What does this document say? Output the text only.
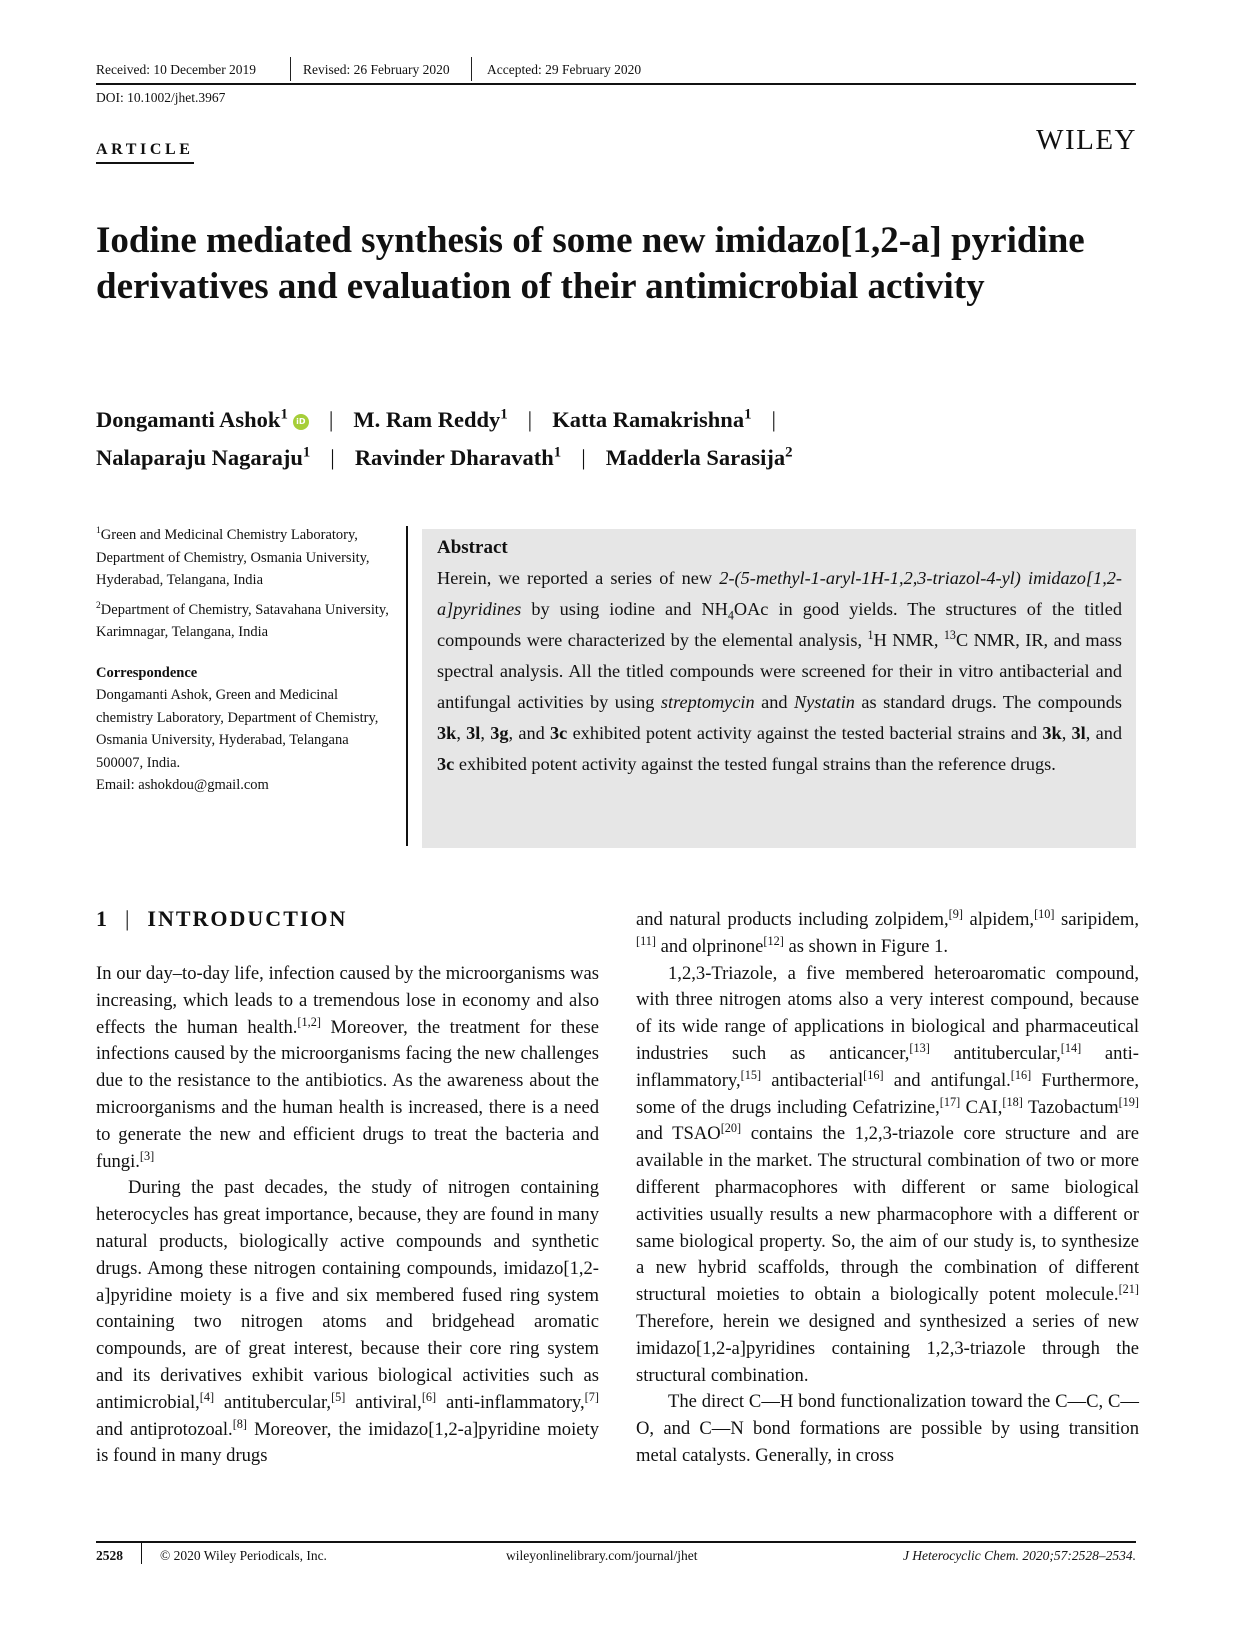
Received: 10 December 2019	Revised: 26 February 2020	Accepted: 29 February 2020
DOI: 10.1002/jhet.3967
ARTICLE	WILEY
Iodine mediated synthesis of some new imidazo[1,2-a] pyridine derivatives and evaluation of their antimicrobial activity
Dongamanti Ashok$^1$ iD | M. Ram Reddy$^1$ | Katta Ramakrishna$^1$ |
Nalaparaju Nagaraju$^1$ | Ravinder Dharavath$^1$ | Madderla Sarasija$^2$

$^1$Green and Medicinal Chemistry Laboratory, Department of Chemistry, Osmania University, Hyderabad, Telangana, India

$^2$Department of Chemistry, Satavahana University, Karimnagar, Telangana, India

Correspondence

Dongamanti Ashok, Green and Medicinal chemistry Laboratory, Department of Chemistry, Osmania University, Hyderabad, Telangana 500007, India.

Email: ashokdou@gmail.com

Abstract

Herein, we reported a series of new 2-(5-methyl-1-aryl-1H-1,2,3-triazol-4-yl) imidazo[1,2-a]pyridines by using iodine and $NH_4OAc$ in good yields. The structures of the titled compounds were characterized by the elemental analysis, $^1$H NMR, $^{13}$C NMR, IR, and mass spectral analysis. All the titled compounds were screened for their in vitro antibacterial and antifungal activities by using streptomycin and Nystatin as standard drugs. The compounds 3k, 3l, 3g, and 3c exhibited potent activity against the tested bacterial strains and 3k, 3l, and 3c exhibited potent activity against the tested fungal strains than the reference drugs.

1 | INTRODUCTION

In our day–to-day life, infection caused by the microorganisms was increasing, which leads to a tremendous lose in economy and also effects the human health.[1,2] Moreover, the treatment for these infections caused by the microorganisms facing the new challenges due to the resistance to the antibiotics. As the awareness about the microorganisms and the human health is increased, there is a need to generate the new and efficient drugs to treat the bacteria and fungi.[3]

During the past decades, the study of nitrogen containing heterocycles has great importance, because, they are found in many natural products, biologically active compounds and synthetic drugs. Among these nitrogen containing compounds, imidazo[1,2-a]pyridine moiety is a five and six membered fused ring system containing two nitrogen atoms and bridgehead aromatic compounds, are of great interest, because their core ring system and its derivatives exhibit various biological activities such as antimicrobial,[4] antitubercular,[5] antiviral,[6] anti-inflammatory,[7] and antiprotozoal.[8] Moreover, the imidazo[1,2-a]pyridine moiety is found in many drugs

and natural products including zolpidem,[9] alpidem,[10] saripidem,[11] and olprinone[12] as shown in Figure 1.

1,2,3-Triazole, a five membered heteroaromatic compound, with three nitrogen atoms also a very interest compound, because of its wide range of applications in biological and pharmaceutical industries such as anticancer,[13] antitubercular,[14] anti-inflammatory,[15] antibacterial[16] and antifungal.[16] Furthermore, some of the drugs including Cefatrizine,[17] CAI,[18] Tazobactum[19] and TSAO[20] contains the 1,2,3-triazole core structure and are available in the market. The structural combination of two or more different pharmacophores with different or same biological activities usually results a new pharmacophore with a different or same biological property. So, the aim of our study is, to synthesize a new hybrid scaffolds, through the combination of different structural moieties to obtain a biologically potent molecule.[21] Therefore, herein we designed and synthesized a series of new imidazo[1,2-a]pyridines containing 1,2,3-triazole through the structural combination.

The direct C—H bond functionalization toward the C—C, C—O, and C—N bond formations are possible by using transition metal catalysts. Generally, in cross

2528	© 2020 Wiley Periodicals, Inc.	wileyonlinelibrary.com/journal/jhet	J Heterocyclic Chem. 2020;57:2528–2534.
